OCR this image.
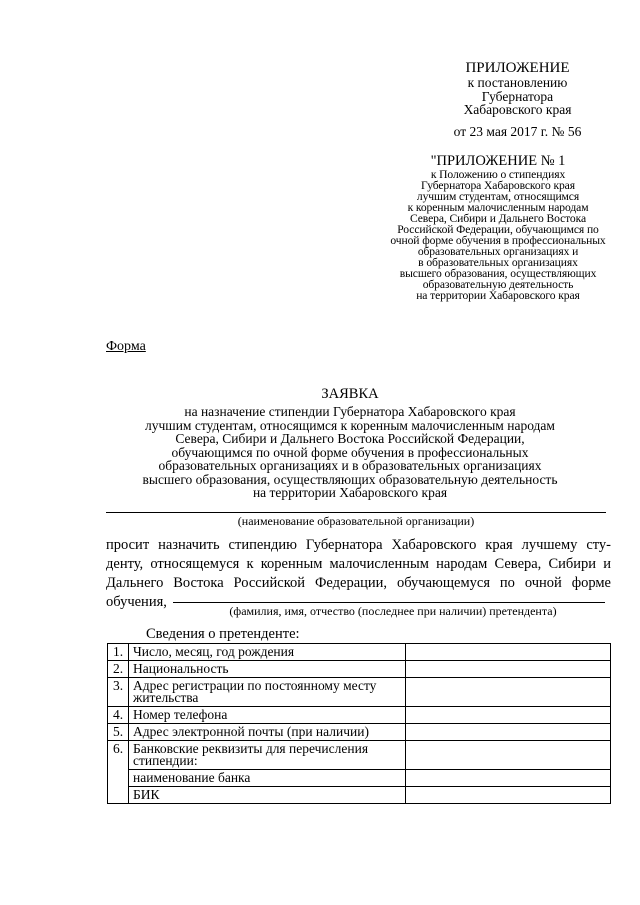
ПРИЛОЖЕНИЕ
к постановлению
Губернатора
Хабаровского края
от 23 мая 2017 г. № 56
"ПРИЛОЖЕНИЕ № 1
к Положению о стипендиях
Губернатора Хабаровского края
лучшим студентам, относящимся
к коренным малочисленным народам
Севера, Сибири и Дальнего Востока
Российской Федерации, обучающимся по
очной форме обучения в профессиональных
образовательных организациях и
в образовательных организациях
высшего образования, осуществляющих
образовательную деятельность
на территории Хабаровского края
Форма
ЗАЯВКА
на назначение стипендии Губернатора Хабаровского края
лучшим студентам, относящимся к коренным малочисленным народам
Севера, Сибири и Дальнего Востока Российской Федерации,
обучающимся по очной форме обучения в профессиональных
образовательных организациях и в образовательных организациях
высшего образования, осуществляющих образовательную деятельность
на территории Хабаровского края
(наименование образовательной организации)
просит назначить стипендию Губернатора Хабаровского края лучшему сту-
денту, относящемуся к коренным малочисленным народам Севера, Сибири и
Дальнего Востока Российской Федерации, обучающемуся по очной форме
обучения,
(фамилия, имя, отчество (последнее при наличии) претендента)
Сведения о претенденте:
1.	Число, месяц, год рождения	
2.	Национальность	
3.	Адрес регистрации по постоянному месту жительства	
4.	Номер телефона	
5.	Адрес электронной почты (при наличии)	
6.	Банковские реквизиты для перечисления стипендии:	
	наименование банка	
	БИК	
